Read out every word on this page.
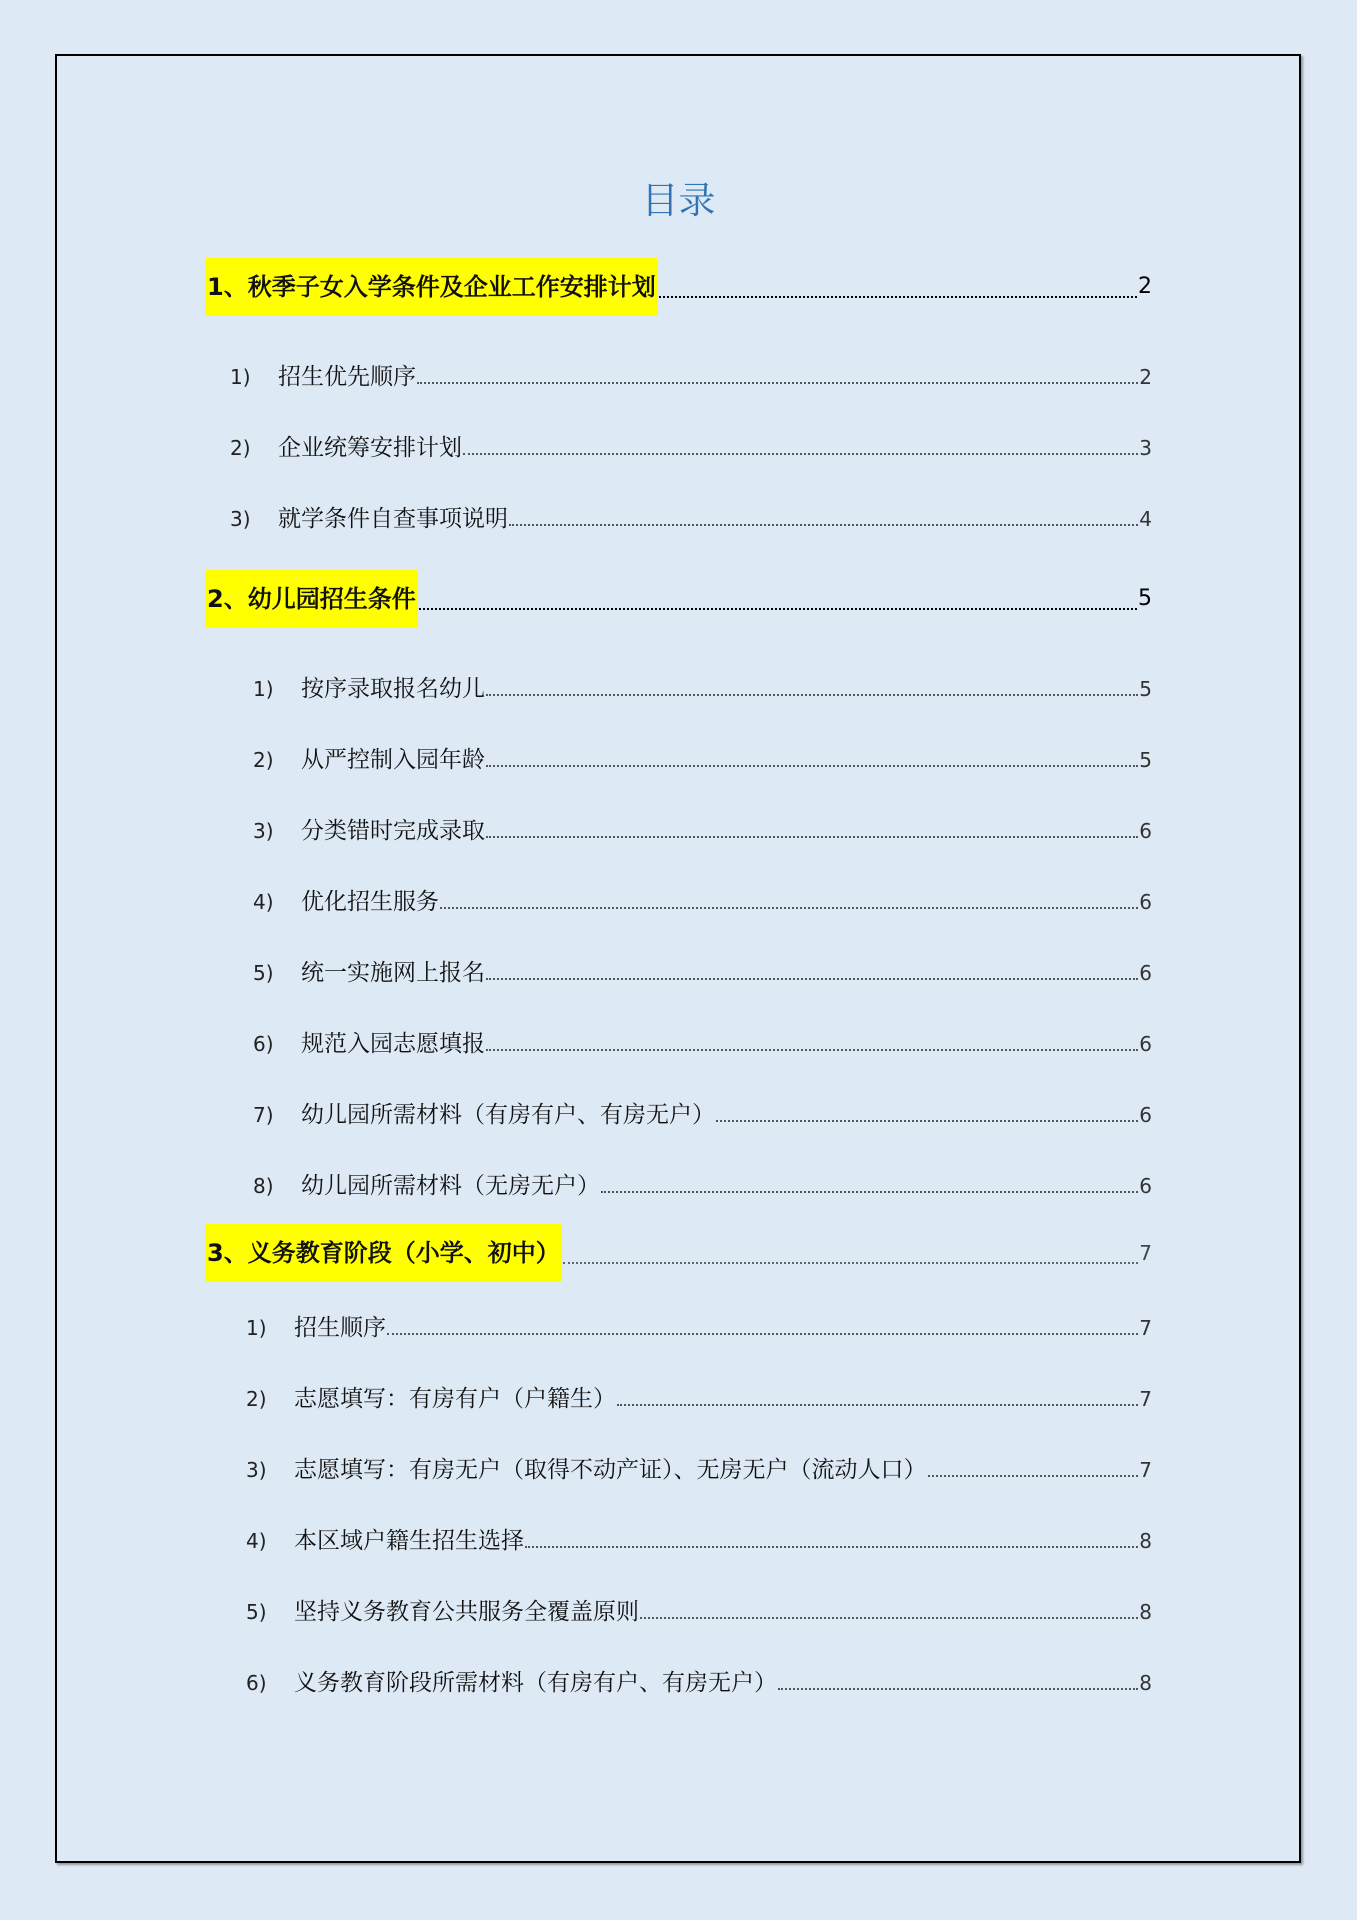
目录
1、秋季子女入学条件及企业工作安排计划	2
1)	招生优先顺序	2
2)	企业统筹安排计划	3
3)	就学条件自查事项说明	4
2、幼儿园招生条件	5
1)	按序录取报名幼儿	5
2)	从严控制入园年龄	5
3)	分类错时完成录取	6
4)	优化招生服务	6
5)	统一实施网上报名	6
6)	规范入园志愿填报	6
7)	幼儿园所需材料（有房有户、有房无户）	6
8)	幼儿园所需材料（无房无户）	6
3、义务教育阶段（小学、初中）	7
1)	招生顺序	7
2)	志愿填写：有房有户（户籍生）	7
3)	志愿填写：有房无户（取得不动产证）、无房无户（流动人口）	7
4)	本区域户籍生招生选择	8
5)	坚持义务教育公共服务全覆盖原则	8
6)	义务教育阶段所需材料（有房有户、有房无户）	8
